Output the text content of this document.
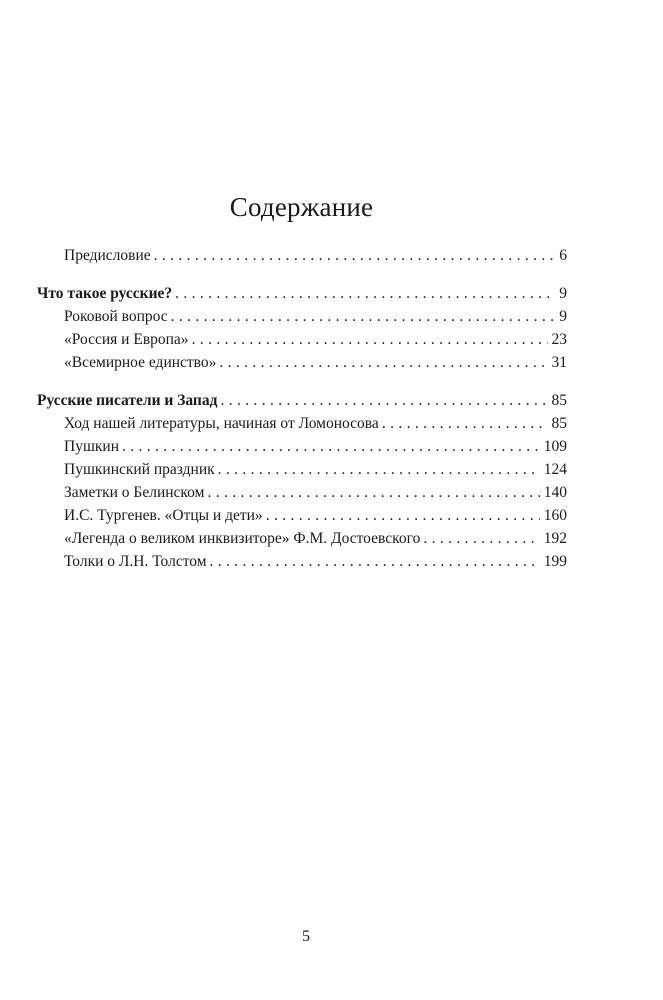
Содержание
Предисловие . . .	6
Что такое русские? . . .	9
Роковой вопрос . . .	9
«Россия и Европа» . . .	23
«Всемирное единство» . . .	31
Русские писатели и Запад . . .	85
Ход нашей литературы, начиная от Ломоносова . . .	85
Пушкин . . .	109
Пушкинский праздник . . .	124
Заметки о Белинском . . .	140
И.С. Тургенев. «Отцы и дети» . . .	160
«Легенда о великом инквизиторе» Ф.М. Достоевского . . .	192
Толки о Л.Н. Толстом . . .	199
5
